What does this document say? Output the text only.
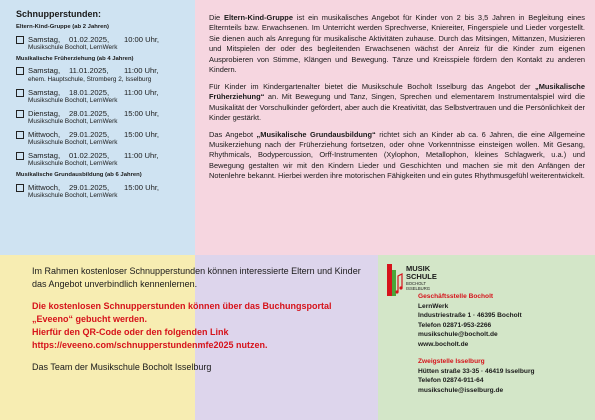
Schnupperstunden:
Eltern-Kind-Gruppe (ab 2 Jahren)
Samstag,	01.02.2025,	10:00 Uhr,
Musikschule Bocholt, LernWerk
Musikalische Früherziehung (ab 4 Jahren)
Samstag,	11.01.2025,	11:00 Uhr,
ehem. Hauptschule, Stromberg 2, Isselburg
Samstag,	18.01.2025,	11:00 Uhr,
Musikschule Bocholt, LernWerk
Dienstag,	28.01.2025,	15:00 Uhr,
Musikschule Bocholt, LernWerk
Mittwoch,	29.01.2025,	15:00 Uhr,
Musikschule Bocholt, LernWerk
Samstag,	01.02.2025,	11:00 Uhr,
Musikschule Bocholt, LernWerk
Musikalische Grundausbildung (ab 6 Jahren)
Mittwoch,	29.01.2025,	15:00 Uhr,
Musikschule Bocholt, LernWerk

Die Eltern-Kind-Gruppe ist ein musikalisches Angebot für Kinder von 2 bis 3,5 Jahren in Begleitung eines Elternteils bzw. Erwachsenen. Im Unterricht werden Sprechverse, Kniereiter, Fingerspiele und Lieder vorgestellt. Sie dienen auch als Anregung für musikalische Aktivitäten zuhause. Durch das Mitsingen, Mittanzen, Musizieren und Mitspielen der oder des begleitenden Erwachsenen wächst der Anreiz für die Kinder zum eigenen Ausprobieren von Stimme, Klängen und Bewegung. Tänze und Kreisspiele fördern den Kontakt zu anderen Kindern.

Für Kinder im Kindergartenalter bietet die Musikschule Bocholt Isselburg das Angebot der „Musikalische Früherziehung“ an. Mit Bewegung und Tanz, Singen, Sprechen und elementarem Instrumentalspiel wird die Musikalität der Vorschulkinder gefördert, aber auch die Kreativität, das Selbstvertrauen und die Persönlichkeit der Kinder gestärkt.

Das Angebot „Musikalische Grundausbildung“ richtet sich an Kinder ab ca. 6 Jahren, die eine Allgemeine Musikerziehung nach der Früherziehung fortsetzen, oder ohne Vorkenntnisse einsteigen wollen. Mit Gesang, Rhythmicals, Bodypercussion, Orff-Instrumenten (Xylophon, Metallophon, kleines Schlagwerk, u.a.) und Bewegung gestalten wir mit den Kindern Lieder und Geschichten und machen sie mit den Anfängen der Notenlehre bekannt. Hierbei werden ihre motorischen Fähigkeiten und ein gutes Rhythmusgefühl weiterentwickelt.

Im Rahmen kostenloser Schnupperstunden können interessierte Eltern und Kinder das Angebot unverbindlich kennenlernen.

Die kostenlosen Schnupperstunden können über das Buchungsportal „Eveeno“ gebucht werden.
Hierfür den QR-Code oder den folgenden Link
https://eveeno.com/schnupperstundenmfe2025 nutzen.

Das Team der Musikschule Bocholt Isselburg

MUSIK
SCHULE
BOCHOLT
ISSELBURG
Geschäftsstelle Bocholt
LernWerk
Industriestraße 1 · 46395 Bocholt
Telefon 02871-953-2266
musikschule@bocholt.de
www.bocholt.de
Zweigstelle Isselburg
Hütten straße 33-35 · 46419 Isselburg
Telefon 02874-911-64
musikschule@isselburg.de
